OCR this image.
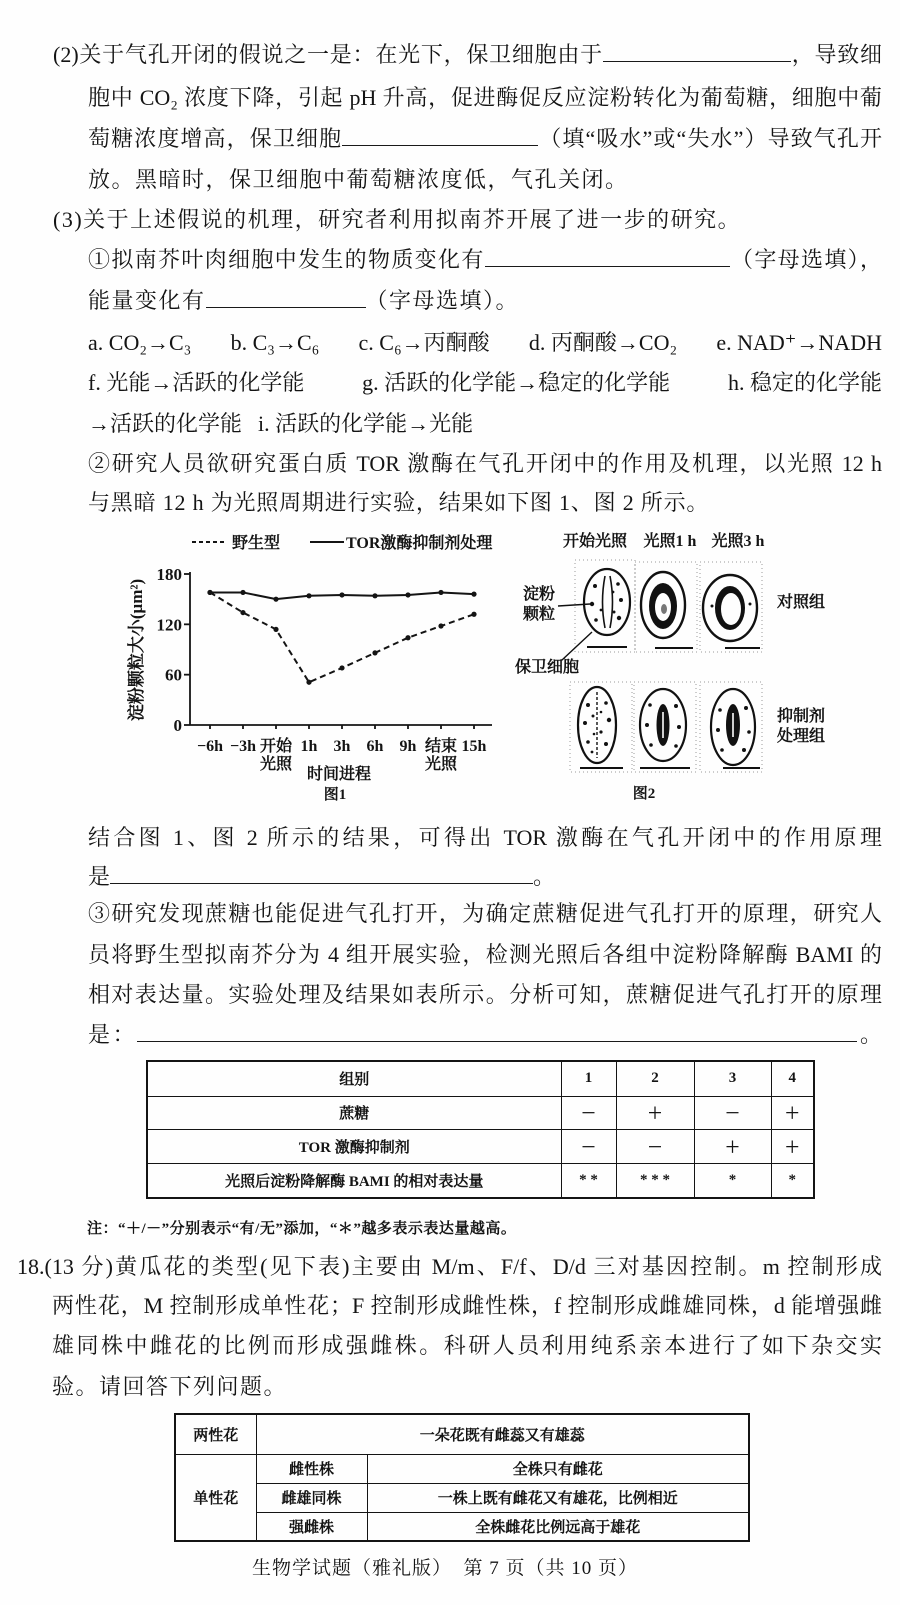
(2)关于气孔开闭的假说之一是：在光下，保卫细胞由于	，导致细
胞中 CO₂ 浓度下降，引起 pH 升高，促进酶促反应淀粉转化为葡萄糖，细胞中葡
萄糖浓度增高，保卫细胞	（填“吸水”或“失水”）导致气孔开
放。黑暗时，保卫细胞中葡萄糖浓度低，气孔关闭。
(3)关于上述假说的机理，研究者利用拟南芥开展了进一步的研究。
①拟南芥叶肉细胞中发生的物质变化有	（字母选填），
能量变化有	（字母选填）。
a. CO₂→C₃ b. C₃→C₆ c. C₆→丙酮酸 d. 丙酮酸→CO₂ e. NAD⁺→NADH
f. 光能→活跃的化学能	g. 活跃的化学能→稳定的化学能	h. 稳定的化学能
→活跃的化学能 i. 活跃的化学能→光能
②研究人员欲研究蛋白质 TOR 激酶在气孔开闭中的作用及机理，以光照 12 h
与黑暗 12 h 为光照周期进行实验，结果如下图 1、图 2 所示。
野生型	TOR激酶抑制剂处理
淀粉颗粒大小(μm²)
时间进程
图1
0
60
120
180
−6h −3h 开始光照
1h 3h 6h 9h 结束光照
15h
开始光照	光照1 h 光照3 h
对照组
抑制剂处理组
淀粉颗粒
保卫细胞
图2
结合图 1、图 2 所示的结果，可得出 TOR 激酶在气孔开闭中的作用原理
是	。
③研究发现蔗糖也能促进气孔打开，为确定蔗糖促进气孔打开的原理，研究人
员将野生型拟南芥分为 4 组开展实验，检测光照后各组中淀粉降解酶 BAMI 的
相对表达量。实验处理及结果如表所示。分析可知，蔗糖促进气孔打开的原理
是：	。
组别	1	2	3	4
蔗糖	－	＋	－	＋
TOR 激酶抑制剂	－	－	＋	＋
光照后淀粉降解酶 BAMI 的相对表达量	* *	* * *	*	*
注：“＋/－”分别表示“有/无”添加，“＊”越多表示表达量越高。
18.(13 分)黄瓜花的类型(见下表)主要由 M/m、F/f、D/d 三对基因控制。m 控制形成
两性花，M 控制形成单性花；F 控制形成雌性株，f 控制形成雌雄同株，d 能增强雌
雄同株中雌花的比例而形成强雌株。科研人员利用纯系亲本进行了如下杂交实
验。请回答下列问题。
两性花	一朵花既有雌蕊又有雄蕊	
单性花	雌性株	全株只有雌花
	雌雄同株	一株上既有雌花又有雄花，比例相近
	强雌株	全株雌花比例远高于雄花
生物学试题（雅礼版）  第 7 页（共 10 页）
